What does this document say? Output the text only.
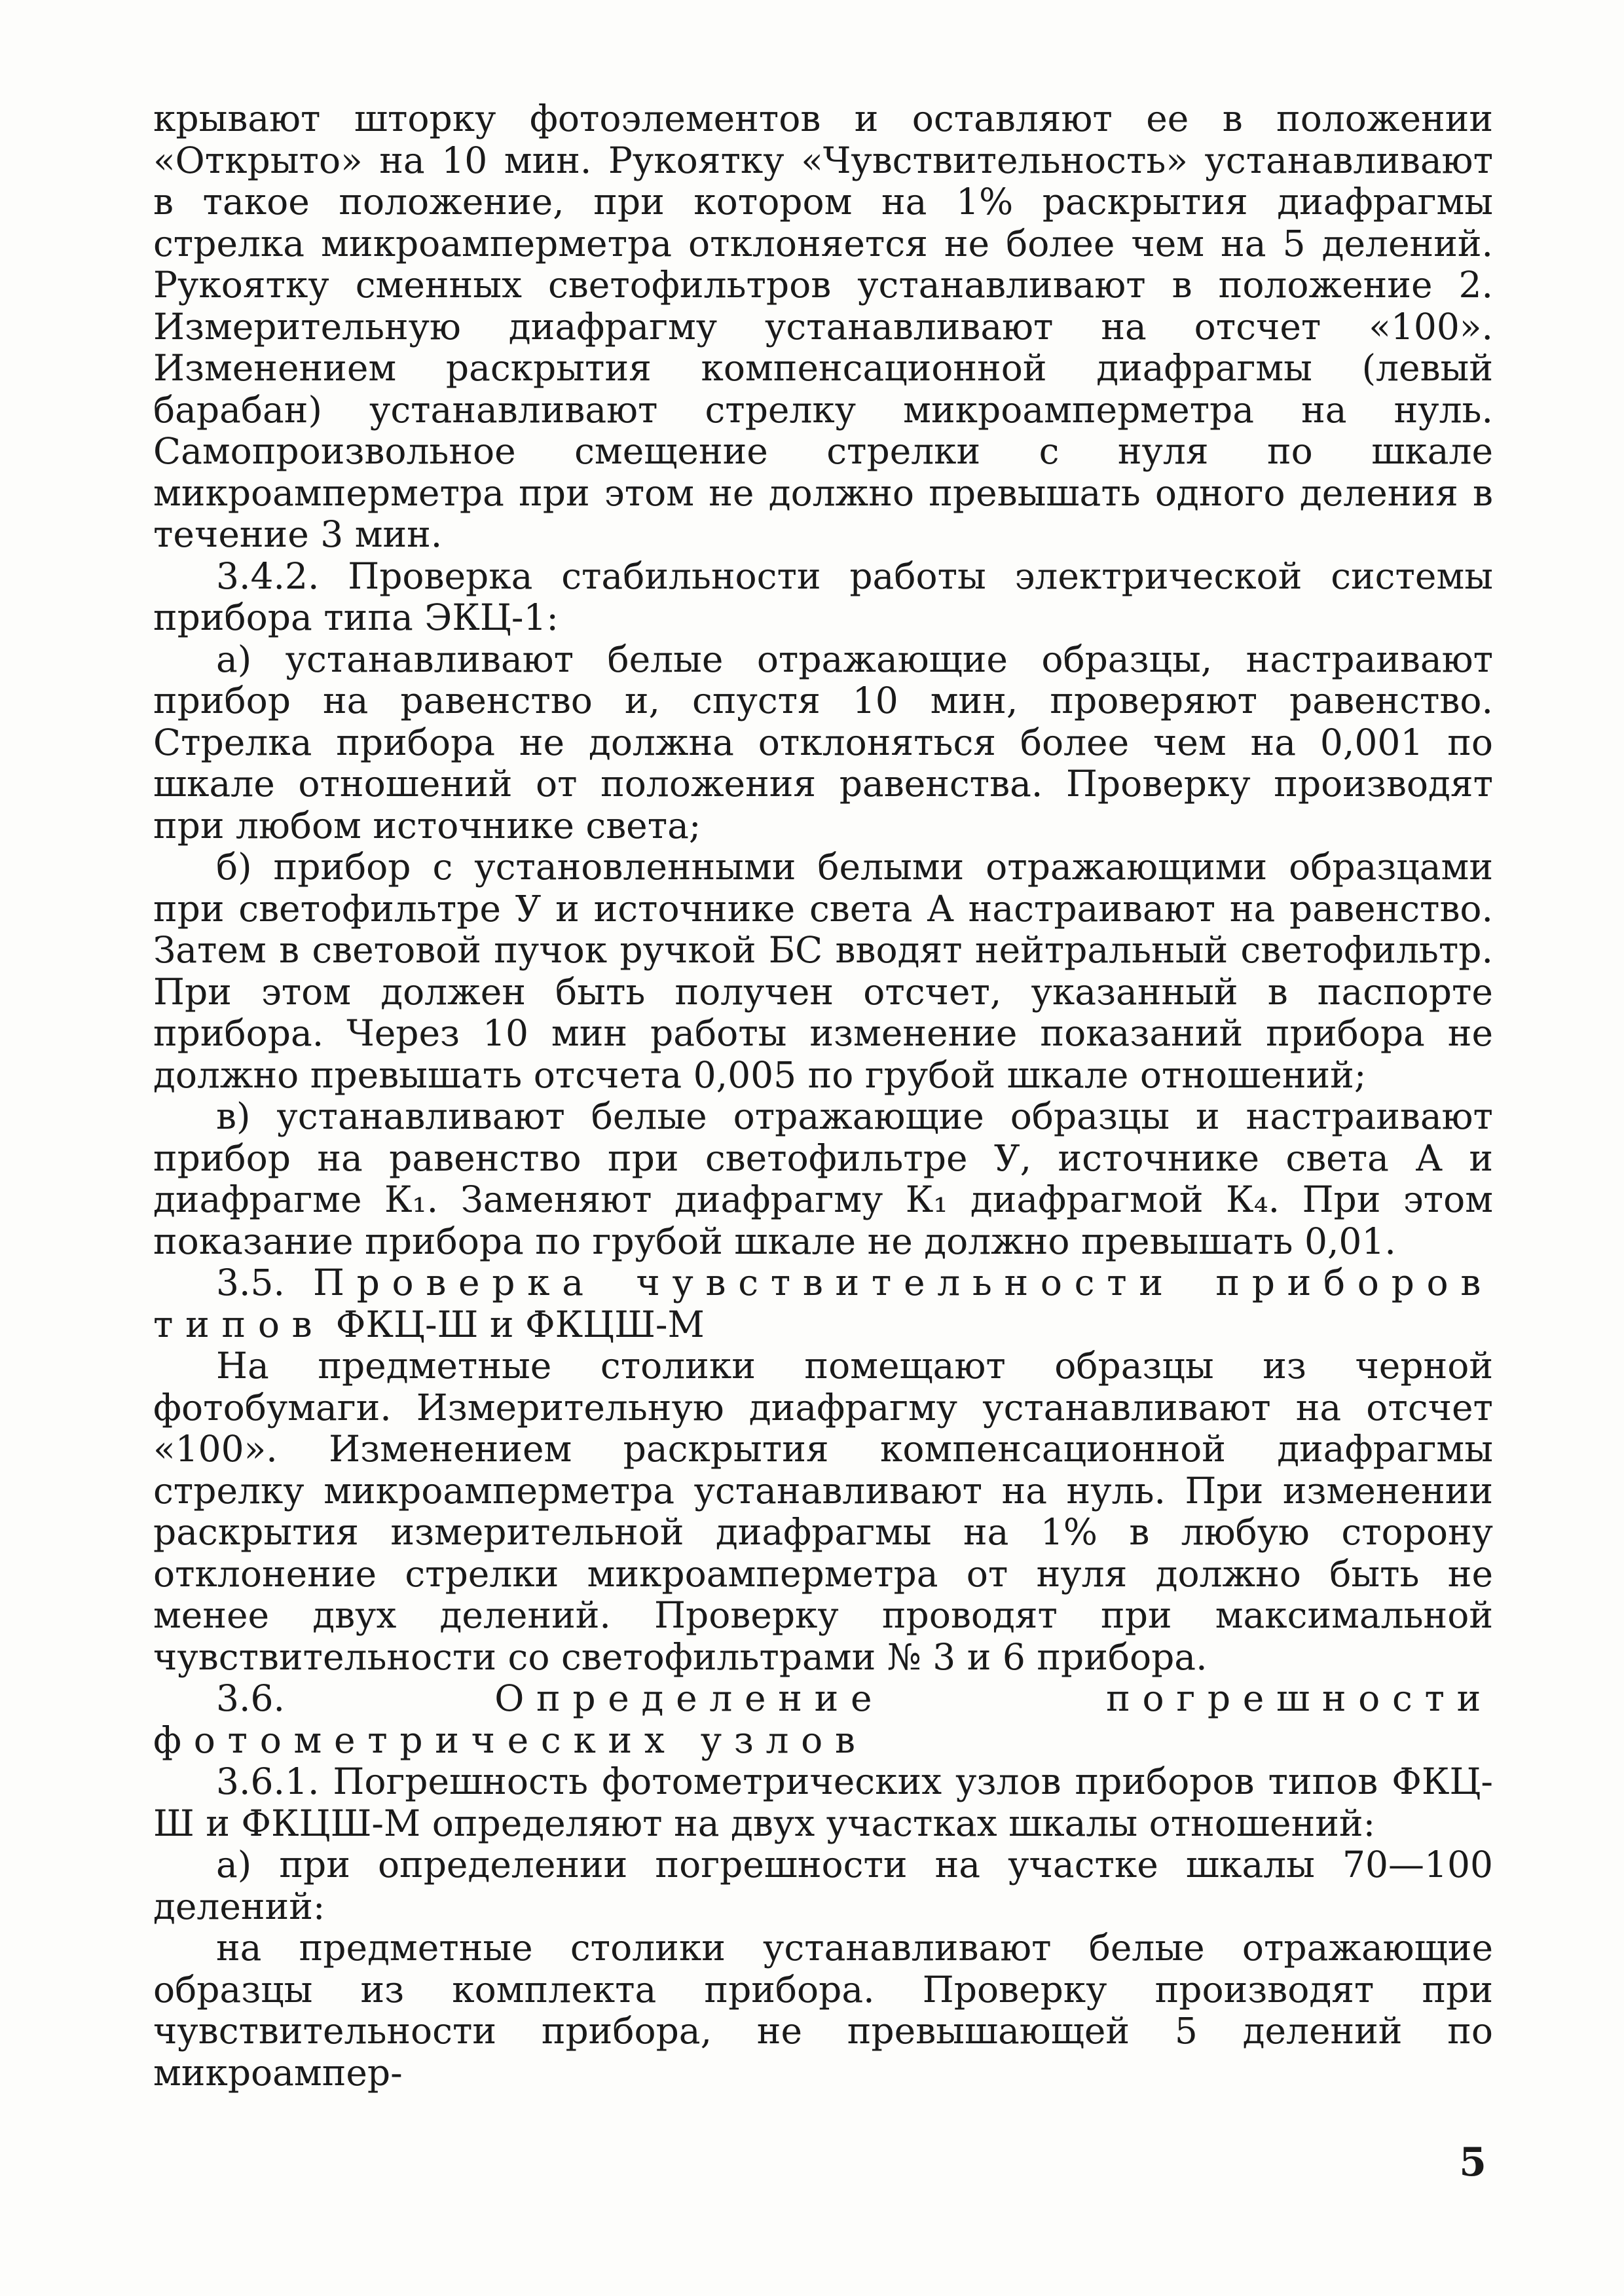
крывают шторку фотоэлементов и оставляют ее в положении «Открыто» на 10 мин. Рукоятку «Чувствительность» устанавливают в такое положение, при котором на 1% раскрытия диафрагмы стрелка микроамперметра отклоняется не более чем на 5 делений. Рукоятку сменных светофильтров устанавливают в положение 2. Измерительную диафрагму устанавливают на отсчет «100». Изменением раскрытия компенсационной диафрагмы (левый барабан) устанавливают стрелку микроамперметра на нуль. Самопроизвольное смещение стрелки с нуля по шкале микроамперметра при этом не должно превышать одного деления в течение 3 мин.

3.4.2. Проверка стабильности работы электрической системы прибора типа ЭКЦ-1:

а) устанавливают белые отражающие образцы, настраивают прибор на равенство и, спустя 10 мин, проверяют равенство. Стрелка прибора не должна отклоняться более чем на 0,001 по шкале отношений от положения равенства. Проверку производят при любом источнике света;

б) прибор с установленными белыми отражающими образцами при светофильтре У и источнике света А настраивают на равенство. Затем в световой пучок ручкой БС вводят нейтральный светофильтр. При этом должен быть получен отсчет, указанный в паспорте прибора. Через 10 мин работы изменение показаний прибора не должно превышать отсчета 0,005 по грубой шкале отношений;

в) устанавливают белые отражающие образцы и настраивают прибор на равенство при светофильтре У, источнике света А и диафрагме К₁. Заменяют диафрагму К₁ диафрагмой К₄. При этом показание прибора по грубой шкале не должно превышать 0,01.

3.5. Проверка чувствительности приборов типов ФКЦ-Ш и ФКЦШ-М

На предметные столики помещают образцы из черной фотобумаги. Измерительную диафрагму устанавливают на отсчет «100». Изменением раскрытия компенсационной диафрагмы стрелку микроамперметра устанавливают на нуль. При изменении раскрытия измерительной диафрагмы на 1% в любую сторону отклонение стрелки микроамперметра от нуля должно быть не менее двух делений. Проверку проводят при максимальной чувствительности со светофильтрами № 3 и 6 прибора.

3.6.	Определение погрешности фотометрических узлов

3.6.1. Погрешность фотометрических узлов приборов типов ФКЦ-Ш и ФКЦШ-М определяют на двух участках шкалы отношений:

а) при определении погрешности на участке шкалы 70—100 делений:

на предметные столики устанавливают белые отражающие образцы из комплекта прибора. Проверку производят при чувствительности прибора, не превышающей 5 делений по микроампер-

5
